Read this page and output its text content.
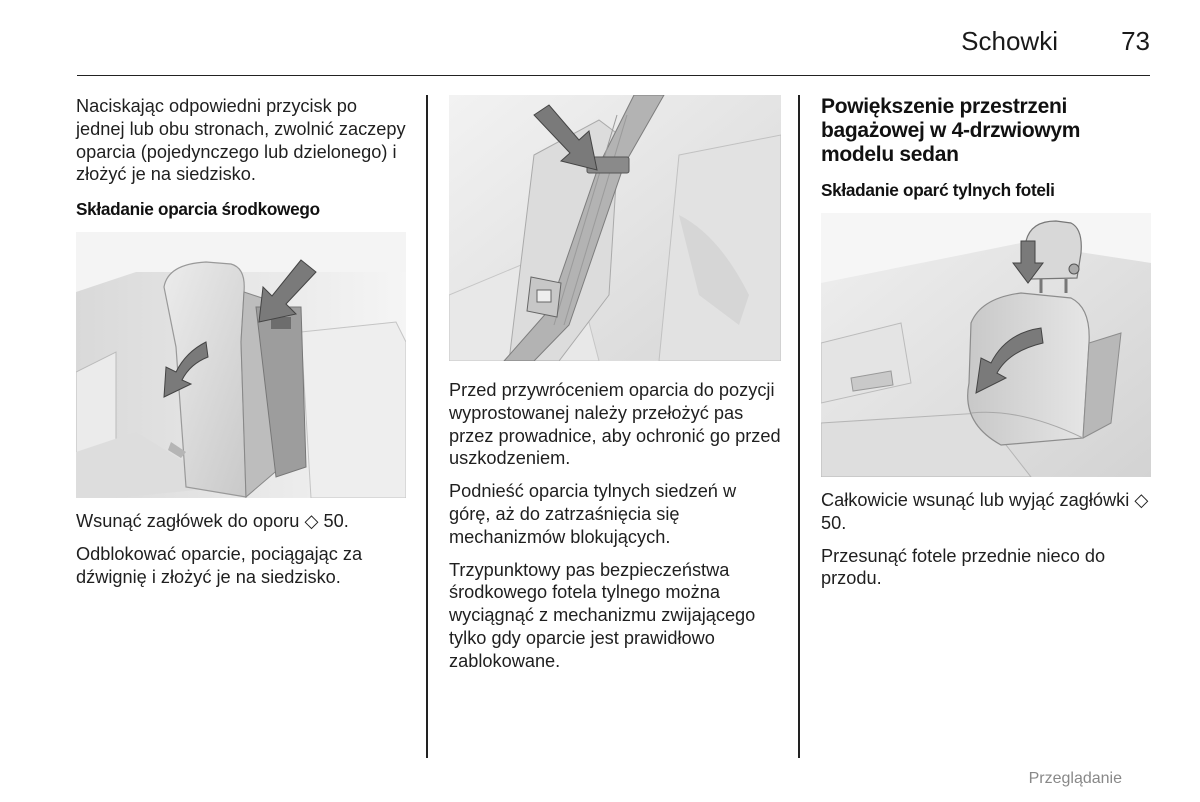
Schowki 73

Naciskając odpowiedni przycisk po jednej lub obu stronach, zwolnić zaczepy oparcia (pojedynczego lub dzielonego) i złożyć je na siedzisko.

Składanie oparcia środkowego

Wsunąć zagłówek do oporu ◇ 50.

Odblokować oparcie, pociągając za dźwignię i złożyć je na siedzisko.

Przed przywróceniem oparcia do pozycji wyprostowanej należy przełożyć pas przez prowadnice, aby ochronić go przed uszkodzeniem.

Podnieść oparcia tylnych siedzeń w górę, aż do zatrzaśnięcia się mechanizmów blokujących.

Trzypunktowy pas bezpieczeństwa środkowego fotela tylnego można wyciągnąć z mechanizmu zwijającego tylko gdy oparcie jest prawidłowo zablokowane.

Powiększenie przestrzeni bagażowej w 4-drzwiowym modelu sedan
Składanie oparć tylnych foteli

Całkowicie wsunąć lub wyjąć zagłówki ◇ 50.

Przesunąć fotele przednie nieco do przodu.

Przeglądanie
